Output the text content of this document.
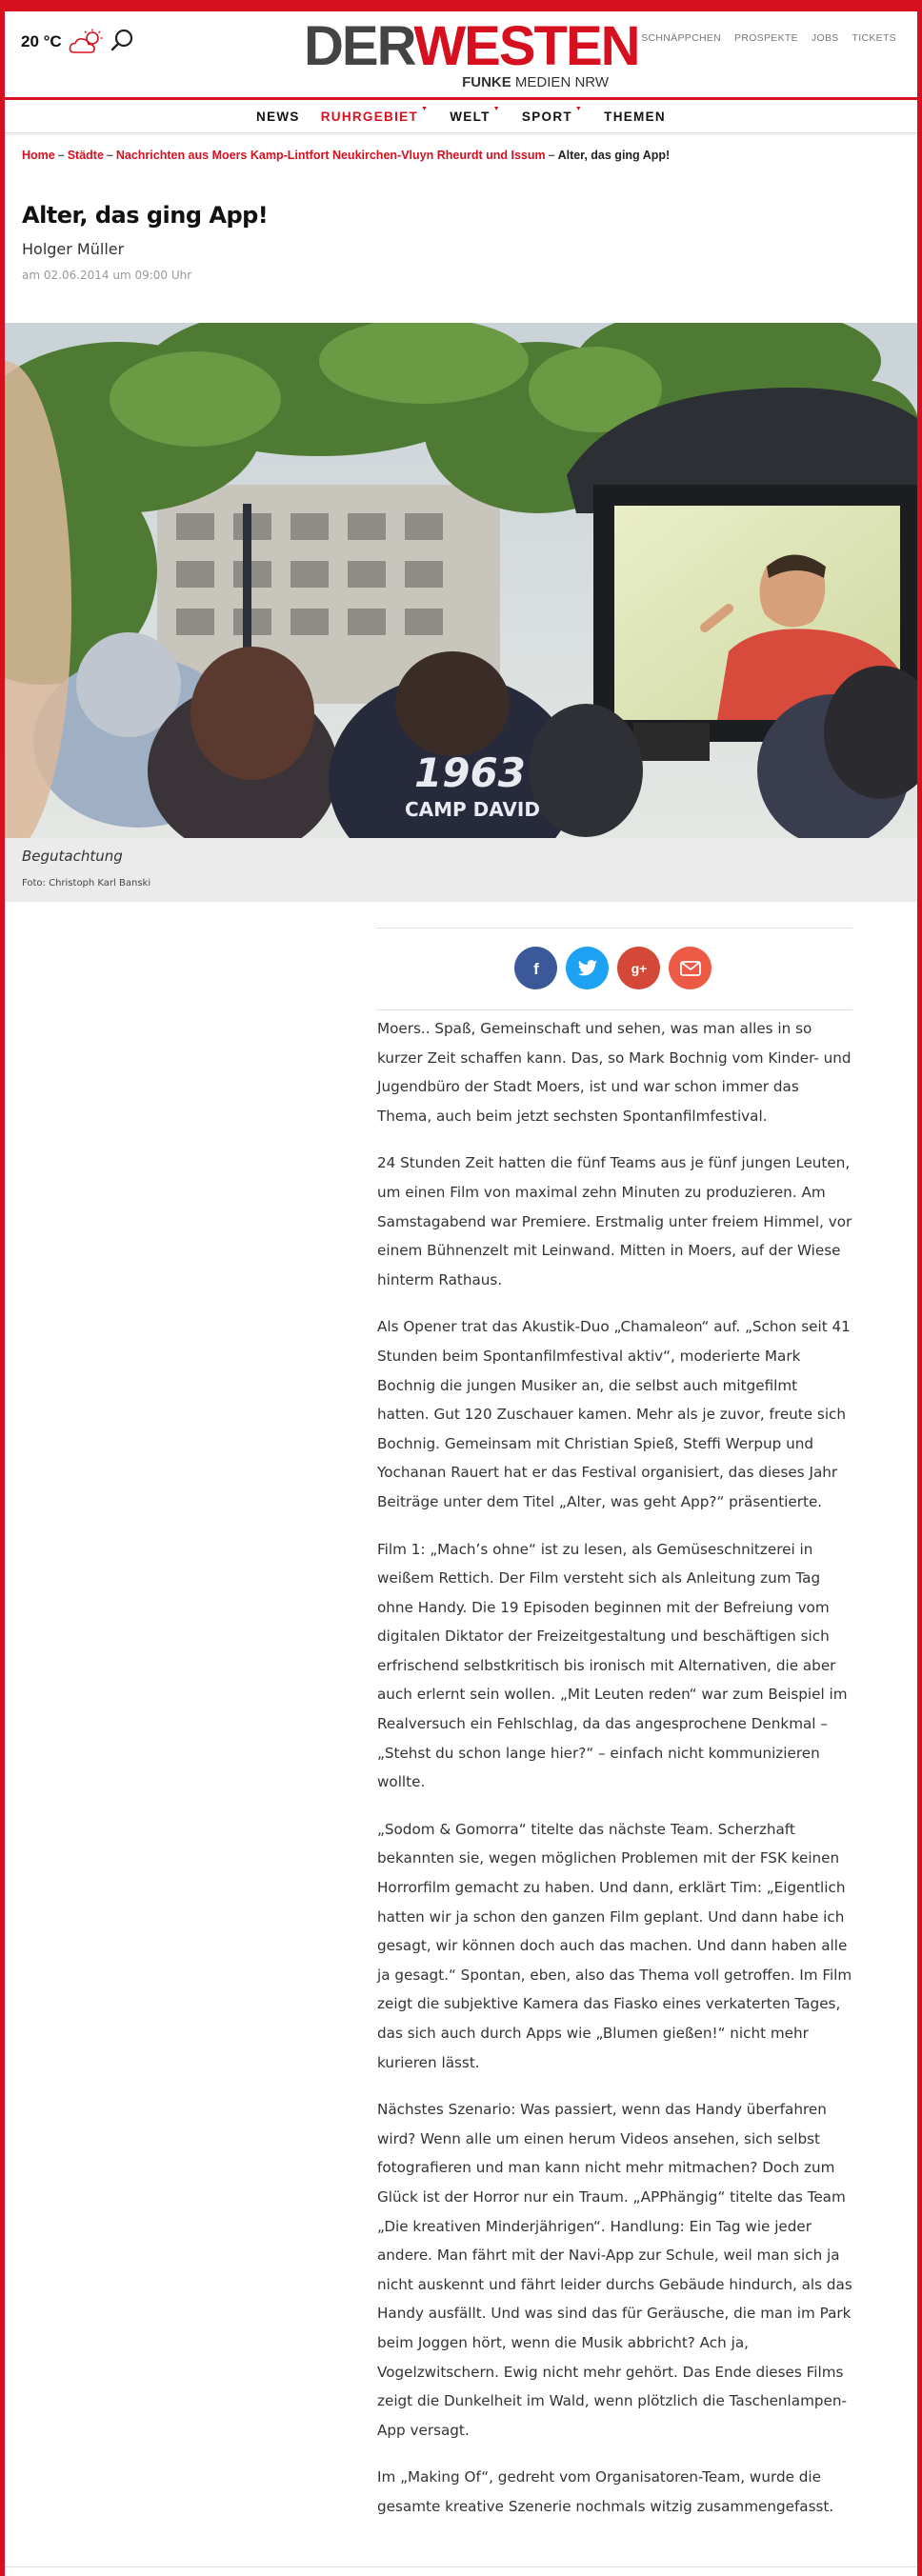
20 °C	DERWESTEN
FUNKE MEDIEN NRW
SCHNÄPPCHEN PROSPEKTE JOBS TICKETS
NEWS RUHRGEBIET
▼
WELT
▼
SPORT
▼
THEMEN
Home – Städte – Nachrichten aus Moers Kamp-Lintfort Neukirchen-Vluyn Rheurdt und Issum – Alter, das ging App!
Alter, das ging App!
Holger Müller
am 02.06.2014 um 09:00 Uhr
1963
CAMP DAVID
Begutachtung
Foto: Christoph Karl Banski
f	g+

Moers.. Spaß, Gemeinschaft und sehen, was man alles in so kurzer Zeit schaffen kann. Das, so Mark Bochnig vom Kinder- und Jugendbüro der Stadt Moers, ist und war schon immer das Thema, auch beim jetzt sechsten Spontanfilmfestival.

24 Stunden Zeit hatten die fünf Teams aus je fünf jungen Leuten, um einen Film von maximal zehn Minuten zu produzieren. Am Samstagabend war Premiere. Erstmalig unter freiem Himmel, vor einem Bühnenzelt mit Leinwand. Mitten in Moers, auf der Wiese hinterm Rathaus.

Als Opener trat das Akustik-Duo „Chamaleon“ auf. „Schon seit 41 Stunden beim Spontanfilmfestival aktiv“, moderierte Mark Bochnig die jungen Musiker an, die selbst auch mitgefilmt hatten. Gut 120 Zuschauer kamen. Mehr als je zuvor, freute sich Bochnig. Gemeinsam mit Christian Spieß, Steffi Werpup und Yochanan Rauert hat er das Festival organisiert, das dieses Jahr Beiträge unter dem Titel „Alter, was geht App?“ präsentierte.

Film 1: „Mach’s ohne“ ist zu lesen, als Gemüseschnitzerei in weißem Rettich. Der Film versteht sich als Anleitung zum Tag ohne Handy. Die 19 Episoden beginnen mit der Befreiung vom digitalen Diktator der Freizeitgestaltung und beschäftigen sich erfrischend selbstkritisch bis ironisch mit Alternativen, die aber auch erlernt sein wollen. „Mit Leuten reden“ war zum Beispiel im Realversuch ein Fehlschlag, da das angesprochene Denkmal – „Stehst du schon lange hier?“ – einfach nicht kommunizieren wollte.

„Sodom & Gomorra“ titelte das nächste Team. Scherzhaft bekannten sie, wegen möglichen Problemen mit der FSK keinen Horrorfilm gemacht zu haben. Und dann, erklärt Tim: „Eigentlich hatten wir ja schon den ganzen Film geplant. Und dann habe ich gesagt, wir können doch auch das machen. Und dann haben alle ja gesagt.“ Spontan, eben, also das Thema voll getroffen. Im Film zeigt die subjektive Kamera das Fiasko eines verkaterten Tages, das sich auch durch Apps wie „Blumen gießen!“ nicht mehr kurieren lässt.

Nächstes Szenario: Was passiert, wenn das Handy überfahren wird? Wenn alle um einen herum Videos ansehen, sich selbst fotografieren und man kann nicht mehr mitmachen? Doch zum Glück ist der Horror nur ein Traum. „APPhängig“ titelte das Team „Die kreativen Minderjährigen“. Handlung: Ein Tag wie jeder andere. Man fährt mit der Navi-App zur Schule, weil man sich ja nicht auskennt und fährt leider durchs Gebäude hindurch, als das Handy ausfällt. Und was sind das für Geräusche, die man im Park beim Joggen hört, wenn die Musik abbricht? Ach ja, Vogelzwitschern. Ewig nicht mehr gehört. Das Ende dieses Films zeigt die Dunkelheit im Wald, wenn plötzlich die Taschenlampen-App versagt.

Im „Making Of“, gedreht vom Organisatoren-Team, wurde die gesamte kreative Szenerie nochmals witzig zusammengefasst.
